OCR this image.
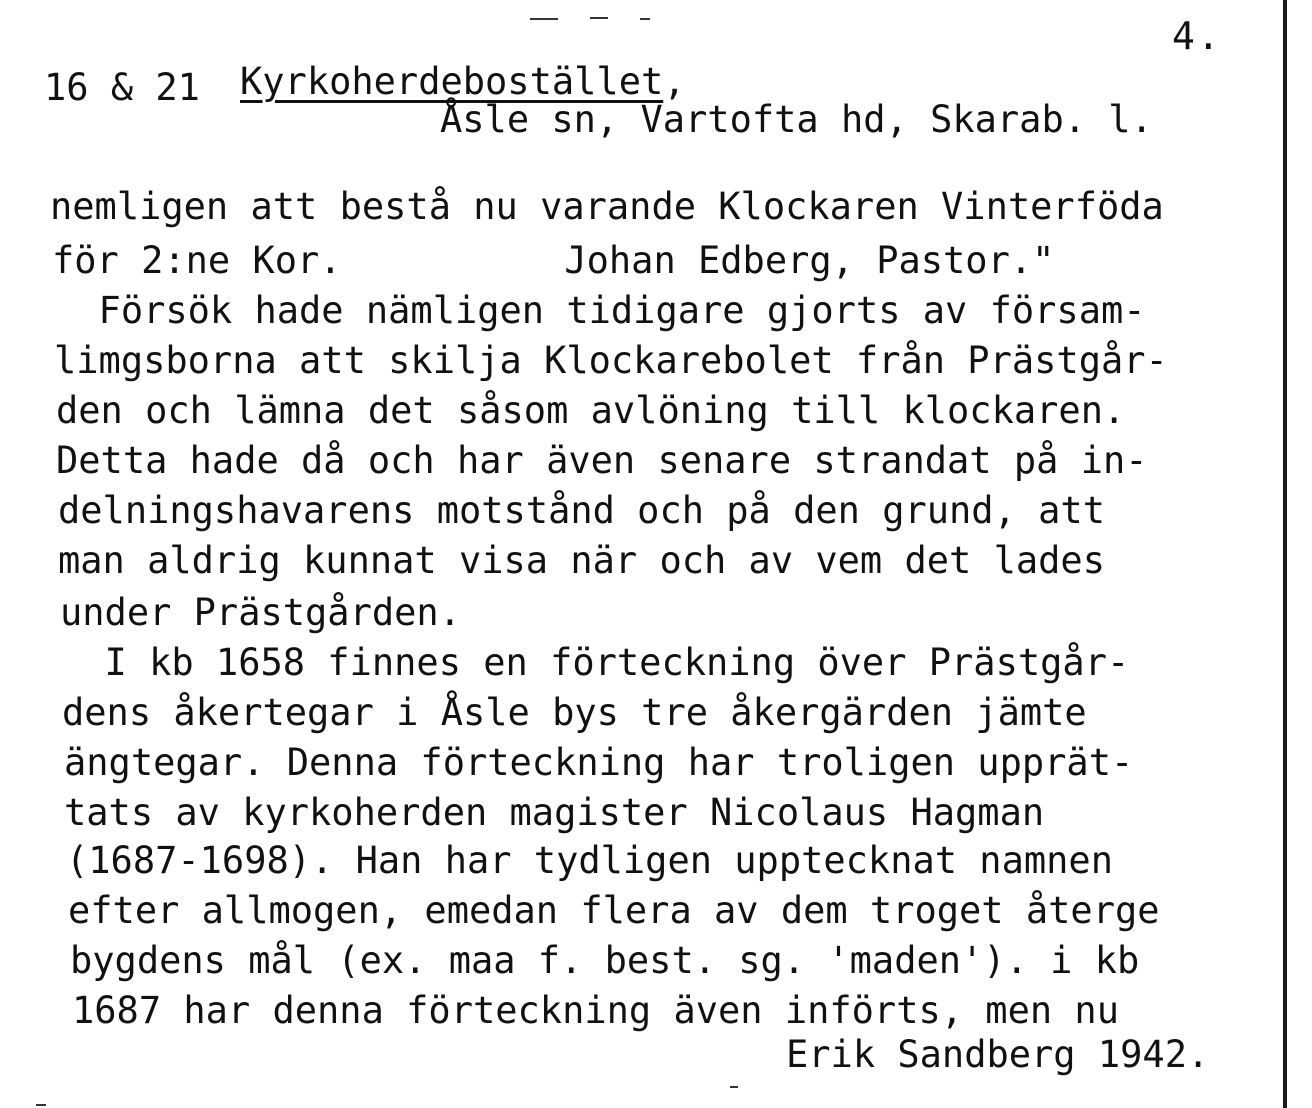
4.
16 & 21 Kyrkoherdebostället,
Åsle sn, Vartofta hd, Skarab. l.
nemligen att bestå nu varande Klockaren Vinterföda
för 2:ne Kor.          Johan Edberg, Pastor."
Försök hade nämligen tidigare gjorts av försam-
limgsborna att skilja Klockarebolet från Prästgår-
den och lämna det såsom avlöning till klockaren.
Detta hade då och har även senare strandat på in-
delningshavarens motstånd och på den grund, att
man aldrig kunnat visa när och av vem det lades
under Prästgården.
I kb 1658 finnes en förteckning över Prästgår-
dens åkertegar i Åsle bys tre åkergärden jämte
ängtegar. Denna förteckning har troligen upprät-
tats av kyrkoherden magister Nicolaus Hagman
(1687-1698). Han har tydligen upptecknat namnen
efter allmogen, emedan flera av dem troget återge
bygdens mål (ex. maa f. best. sg. 'maden'). i kb
1687 har denna förteckning även införts, men nu
Erik Sandberg 1942.
